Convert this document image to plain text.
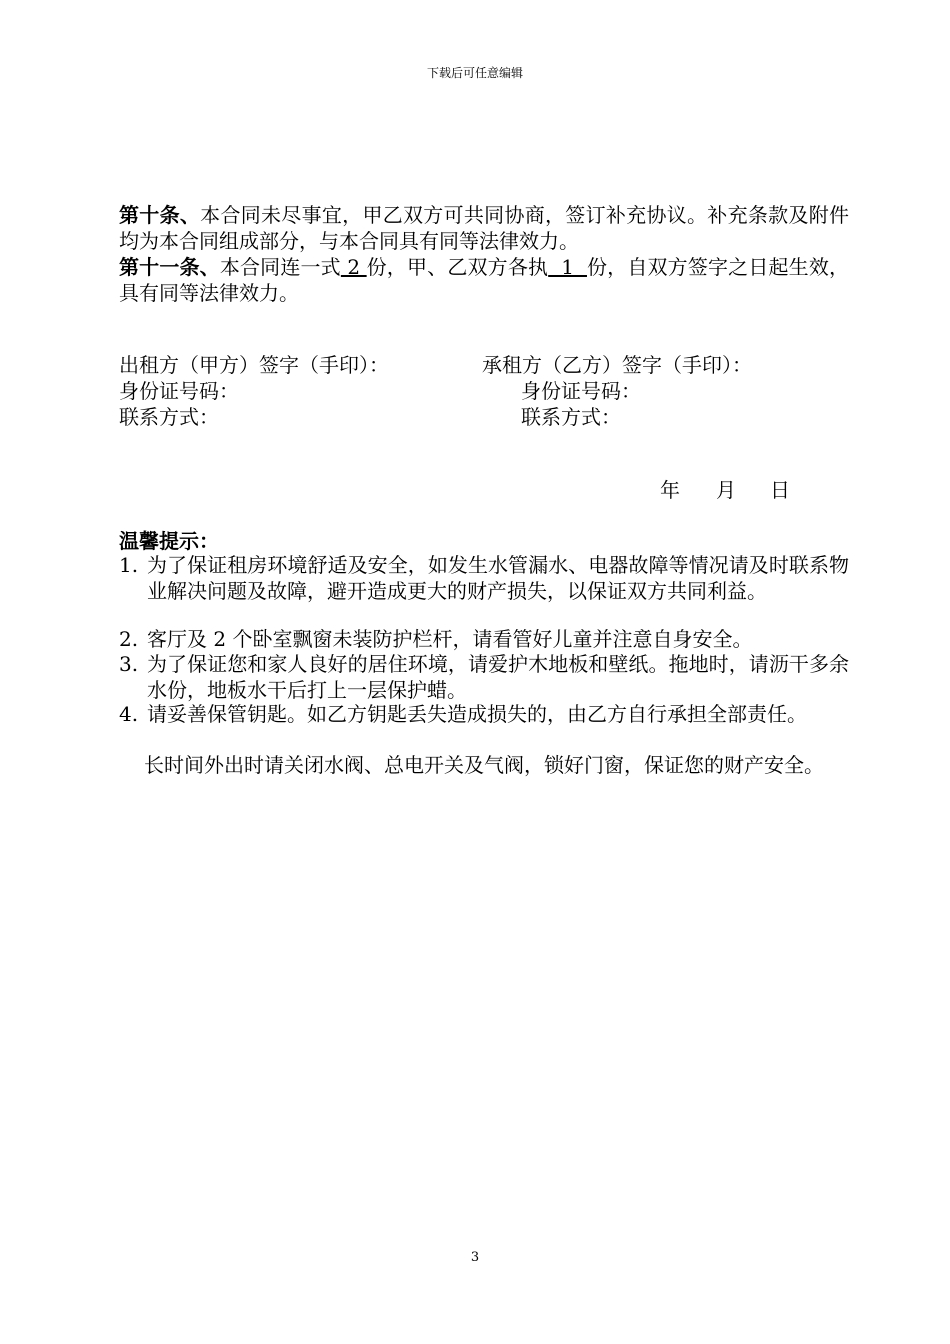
下载后可任意编辑
第十条、本合同未尽事宜，甲乙双方可共同协商，签订补充协议。补充条款及附件均为本合同组成部分，与本合同具有同等法律效力。
第十一条、本合同连一式 2 份，甲、乙双方各执  1  份，自双方签字之日起生效，具有同等法律效力。
出租方（甲方）签字（手印）：	承租方（乙方）签字（手印）：
身份证号码：	身份证号码：
联系方式：	联系方式：
年 月 日
温馨提示：
1. 为了保证租房环境舒适及安全，如发生水管漏水、电器故障等情况请及时联系物业解决问题及故障，避开造成更大的财产损失，以保证双方共同利益。
2. 客厅及 2 个卧室飘窗未装防护栏杆，请看管好儿童并注意自身安全。
3. 为了保证您和家人良好的居住环境，请爱护木地板和壁纸。拖地时，请沥干多余水份，地板水干后打上一层保护蜡。
4. 请妥善保管钥匙。如乙方钥匙丢失造成损失的，由乙方自行承担全部责任。
长时间外出时请关闭水阀、总电开关及气阀，锁好门窗，保证您的财产安全。
3
